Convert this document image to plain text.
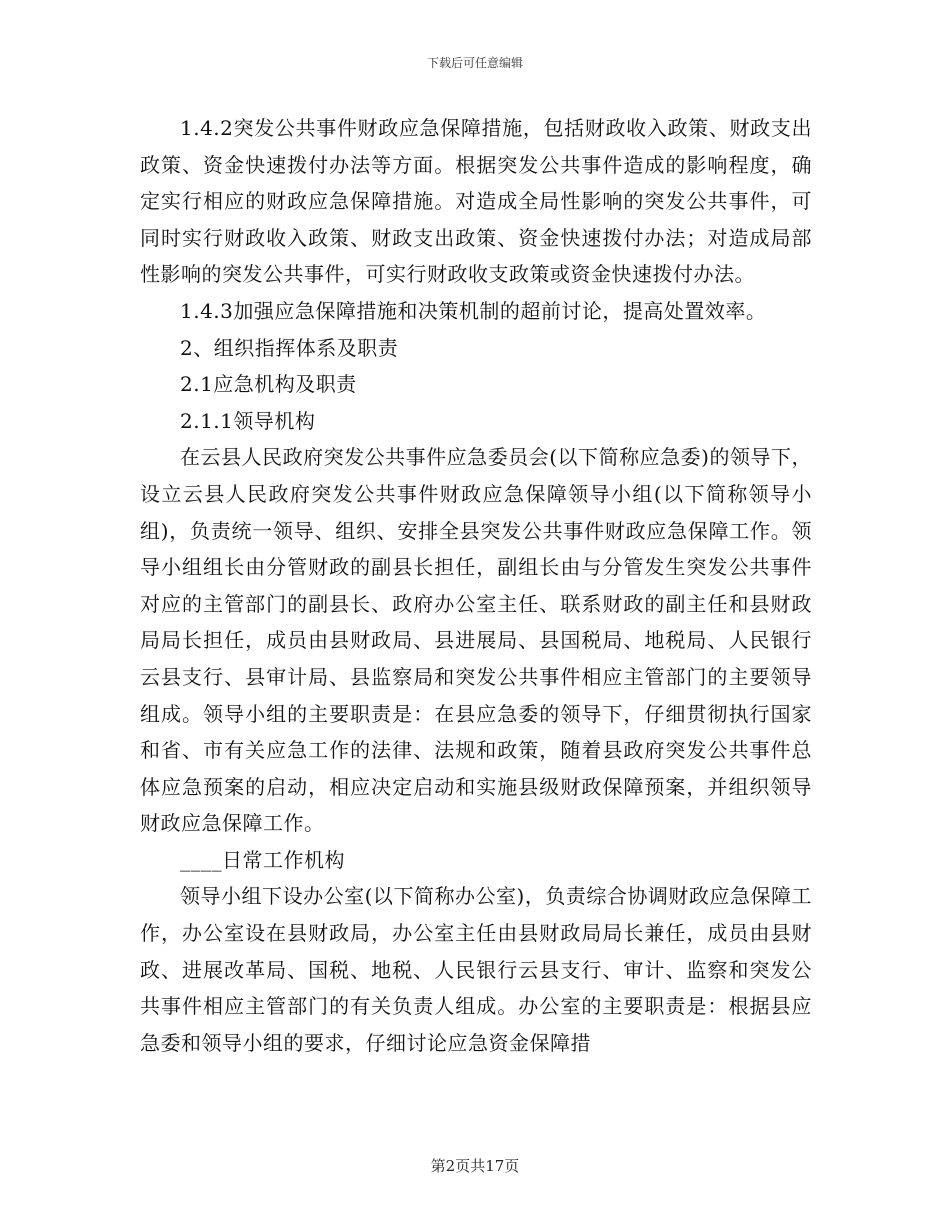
下载后可任意编辑

1.4.2突发公共事件财政应急保障措施，包括财政收入政策、财政支出政策、资金快速拨付办法等方面。根据突发公共事件造成的影响程度，确定实行相应的财政应急保障措施。对造成全局性影响的突发公共事件，可同时实行财政收入政策、财政支出政策、资金快速拨付办法；对造成局部性影响的突发公共事件，可实行财政收支政策或资金快速拨付办法。

1.4.3加强应急保障措施和决策机制的超前讨论，提高处置效率。

2、组织指挥体系及职责

2.1应急机构及职责

2.1.1领导机构

在云县人民政府突发公共事件应急委员会(以下简称应急委)的领导下，设立云县人民政府突发公共事件财政应急保障领导小组(以下简称领导小组)，负责统一领导、组织、安排全县突发公共事件财政应急保障工作。领导小组组长由分管财政的副县长担任，副组长由与分管发生突发公共事件对应的主管部门的副县长、政府办公室主任、联系财政的副主任和县财政局局长担任，成员由县财政局、县进展局、县国税局、地税局、人民银行云县支行、县审计局、县监察局和突发公共事件相应主管部门的主要领导组成。领导小组的主要职责是：在县应急委的领导下，仔细贯彻执行国家和省、市有关应急工作的法律、法规和政策，随着县政府突发公共事件总体应急预案的启动，相应决定启动和实施县级财政保障预案，并组织领导财政应急保障工作。

____日常工作机构

领导小组下设办公室(以下简称办公室)，负责综合协调财政应急保障工作，办公室设在县财政局，办公室主任由县财政局局长兼任，成员由县财政、进展改革局、国税、地税、人民银行云县支行、审计、监察和突发公共事件相应主管部门的有关负责人组成。办公室的主要职责是：根据县应急委和领导小组的要求，仔细讨论应急资金保障措

第2页共17页
